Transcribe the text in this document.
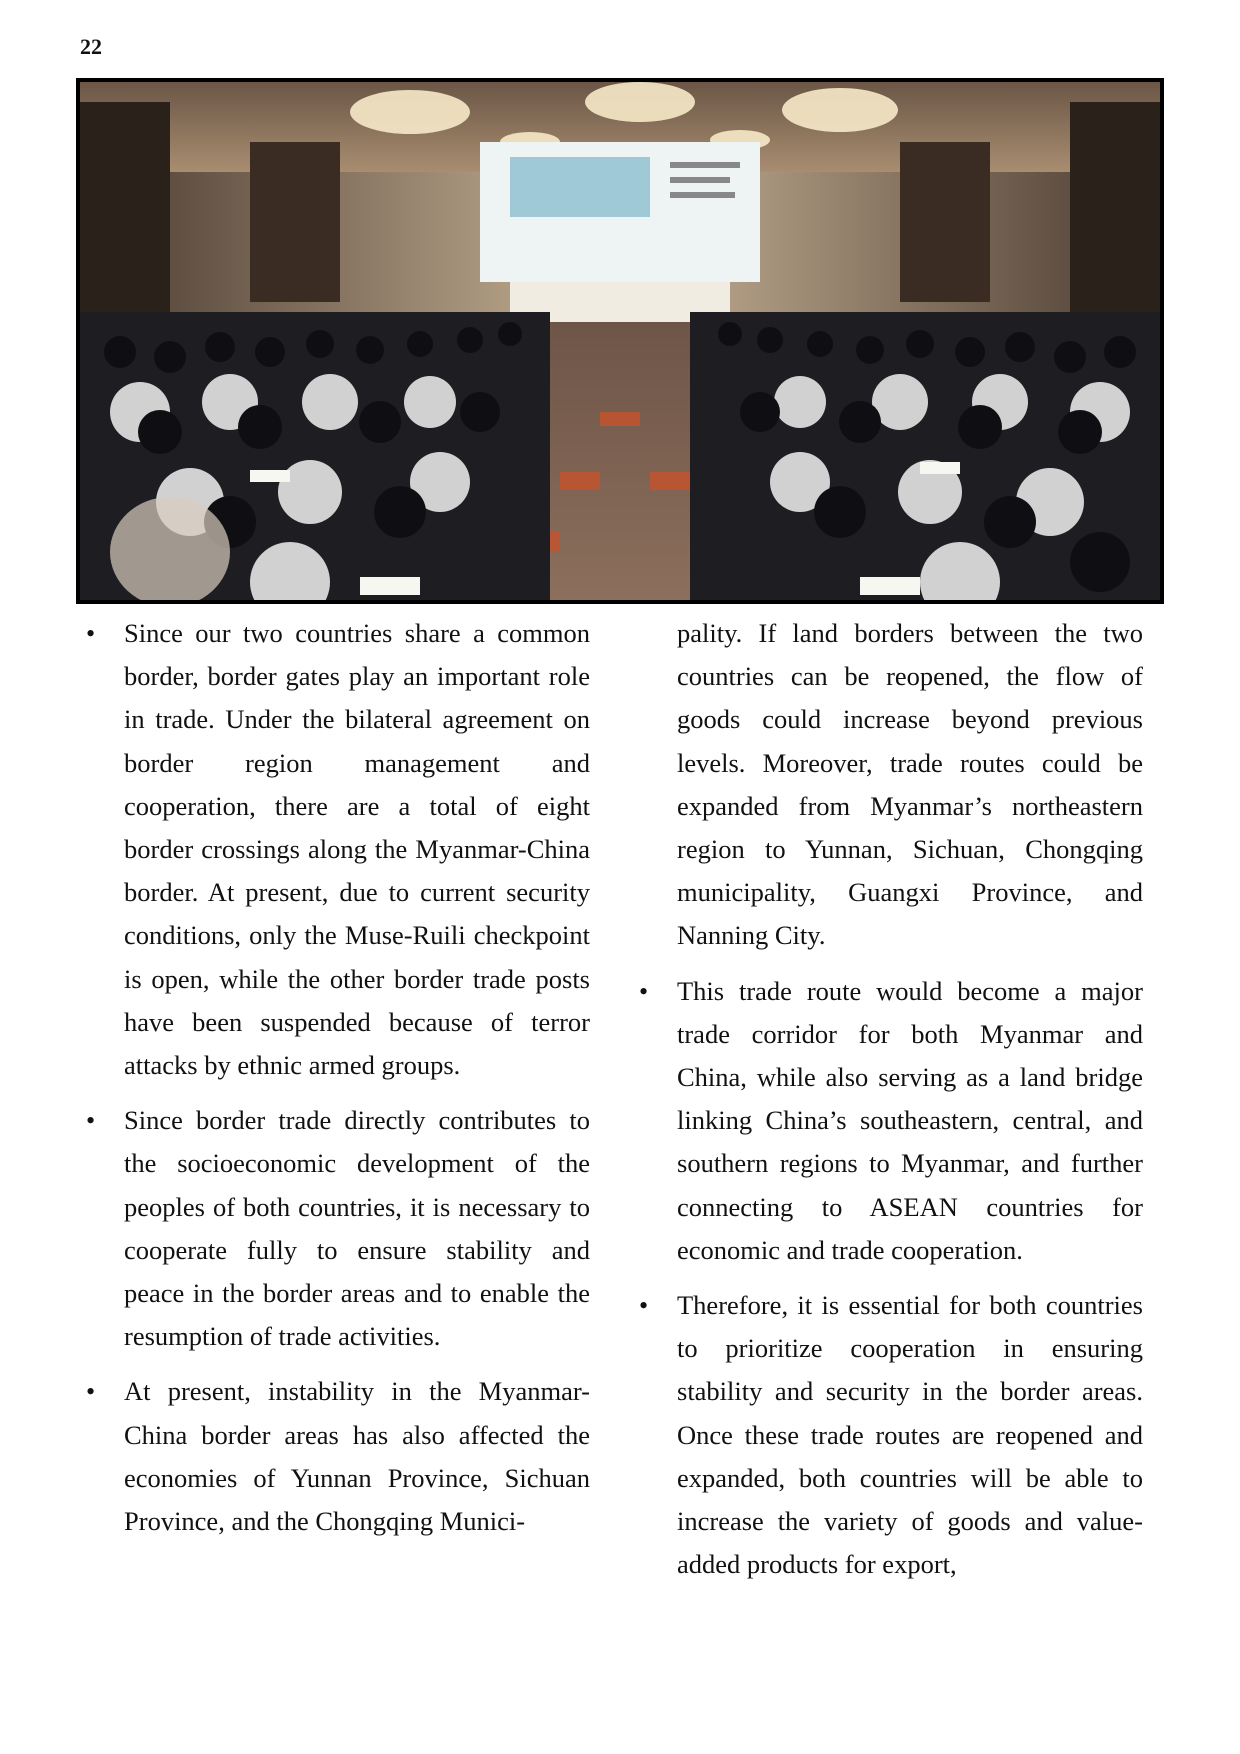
22
• Since our two countries share a common border, border gates play an important role in trade. Under the bilateral agreement on border region management and cooperation, there are a total of eight border crossings along the Myanmar-China border. At present, due to current security conditions, only the Muse-Ruili checkpoint is open, while the other border trade posts have been suspended because of terror attacks by ethnic armed groups.

• Since border trade directly contributes to the socioeconomic development of the peoples of both countries, it is necessary to cooperate fully to ensure stability and peace in the border areas and to enable the resumption of trade activities.

• At present, instability in the Myanmar-China border areas has also affected the economies of Yunnan Province, Sichuan Province, and the Chongqing Munici-

pality. If land borders between the two countries can be reopened, the flow of goods could increase beyond previous levels. Moreover, trade routes could be expanded from Myanmar’s northeastern region to Yunnan, Sichuan, Chongqing municipality, Guangxi Province, and Nanning City.

• This trade route would become a major trade corridor for both Myanmar and China, while also serving as a land bridge linking China’s southeastern, central, and southern regions to Myanmar, and further connecting to ASEAN countries for economic and trade cooperation.

• Therefore, it is essential for both countries to prioritize cooperation in ensuring stability and security in the border areas. Once these trade routes are reopened and expanded, both countries will be able to increase the variety of goods and value-added products for export,
